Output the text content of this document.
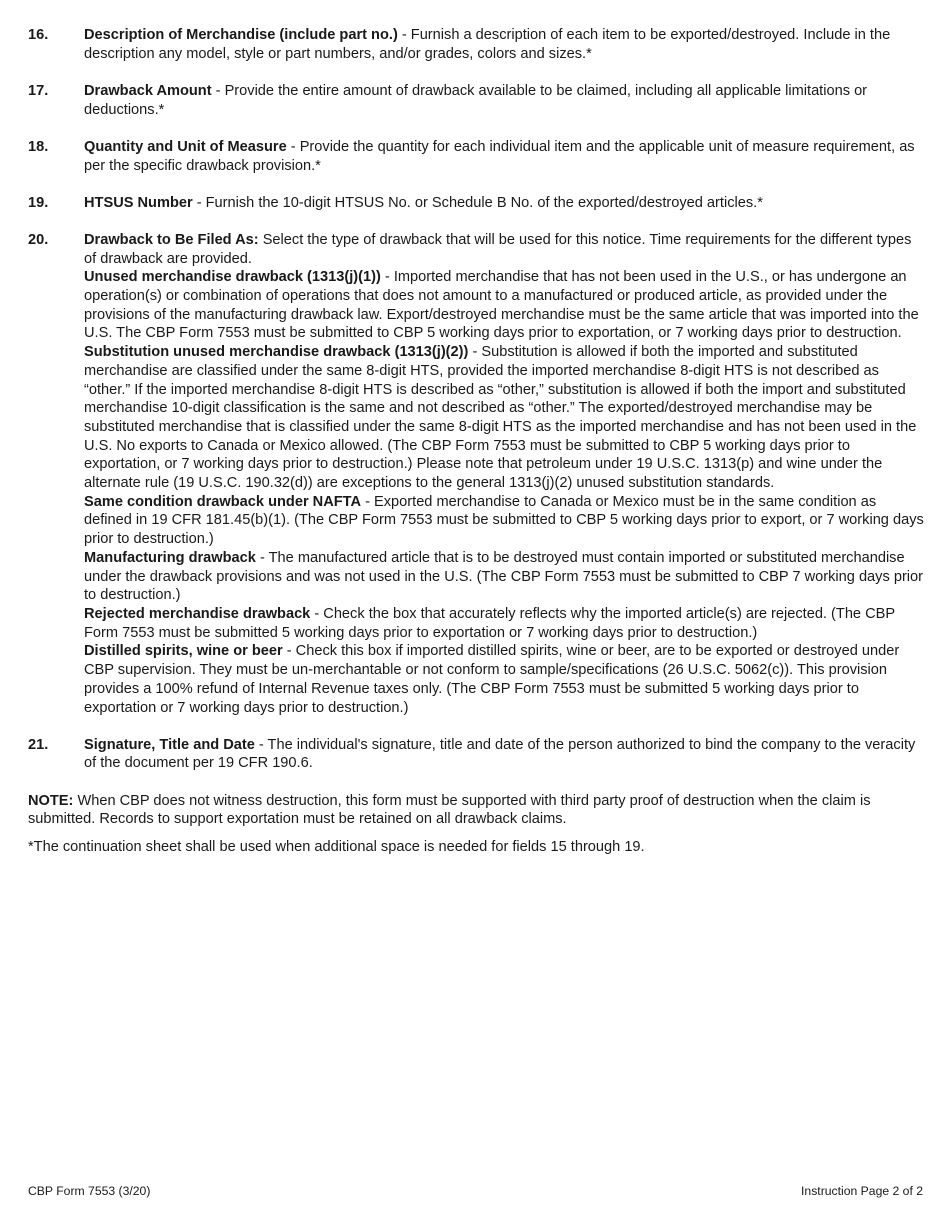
16.	Description of Merchandise (include part no.) - Furnish a description of each item to be exported/destroyed. Include in the description any model, style or part numbers, and/or grades, colors and sizes.*

17.	Drawback Amount - Provide the entire amount of drawback available to be claimed, including all applicable limitations or deductions.*

18.	Quantity and Unit of Measure - Provide the quantity for each individual item and the applicable unit of measure requirement, as per the specific drawback provision.*

19.	HTSUS Number - Furnish the 10-digit HTSUS No. or Schedule B No. of the exported/destroyed articles.*

20.	Drawback to Be Filed As: Select the type of drawback that will be used for this notice. Time requirements for the different types of drawback are provided.

Unused merchandise drawback (1313(j)(1)) - Imported merchandise that has not been used in the U.S., or has undergone an operation(s) or combination of operations that does not amount to a manufactured or produced article, as provided under the provisions of the manufacturing drawback law. Export/destroyed merchandise must be the same article that was imported into the U.S. The CBP Form 7553 must be submitted to CBP 5 working days prior to exportation, or 7 working days prior to destruction.

Substitution unused merchandise drawback (1313(j)(2)) - Substitution is allowed if both the imported and substituted merchandise are classified under the same 8-digit HTS, provided the imported merchandise 8-digit HTS is not described as “other.” If the imported merchandise 8-digit HTS is described as “other,” substitution is allowed if both the import and substituted merchandise 10-digit classification is the same and not described as “other.” The exported/destroyed merchandise may be substituted merchandise that is classified under the same 8-digit HTS as the imported merchandise and has not been used in the U.S. No exports to Canada or Mexico allowed. (The CBP Form 7553 must be submitted to CBP 5 working days prior to exportation, or 7 working days prior to destruction.) Please note that petroleum under 19 U.S.C. 1313(p) and wine under the alternate rule (19 U.S.C. 190.32(d)) are exceptions to the general 1313(j)(2) unused substitution standards.

Same condition drawback under NAFTA - Exported merchandise to Canada or Mexico must be in the same condition as defined in 19 CFR 181.45(b)(1). (The CBP Form 7553 must be submitted to CBP 5 working days prior to export, or 7 working days prior to destruction.)

Manufacturing drawback - The manufactured article that is to be destroyed must contain imported or substituted merchandise under the drawback provisions and was not used in the U.S. (The CBP Form 7553 must be submitted to CBP 7 working days prior to destruction.)

Rejected merchandise drawback - Check the box that accurately reflects why the imported article(s) are rejected. (The CBP Form 7553 must be submitted 5 working days prior to exportation or 7 working days prior to destruction.)

Distilled spirits, wine or beer - Check this box if imported distilled spirits, wine or beer, are to be exported or destroyed under CBP supervision. They must be un-merchantable or not conform to sample/specifications (26 U.S.C. 5062(c)). This provision provides a 100% refund of Internal Revenue taxes only. (The CBP Form 7553 must be submitted 5 working days prior to exportation or 7 working days prior to destruction.)

21.	Signature, Title and Date - The individual's signature, title and date of the person authorized to bind the company to the veracity of the document per 19 CFR 190.6.

NOTE: When CBP does not witness destruction, this form must be supported with third party proof of destruction when the claim is submitted. Records to support exportation must be retained on all drawback claims.

*The continuation sheet shall be used when additional space is needed for fields 15 through 19.

CBP Form 7553 (3/20)	Instruction Page 2 of 2
